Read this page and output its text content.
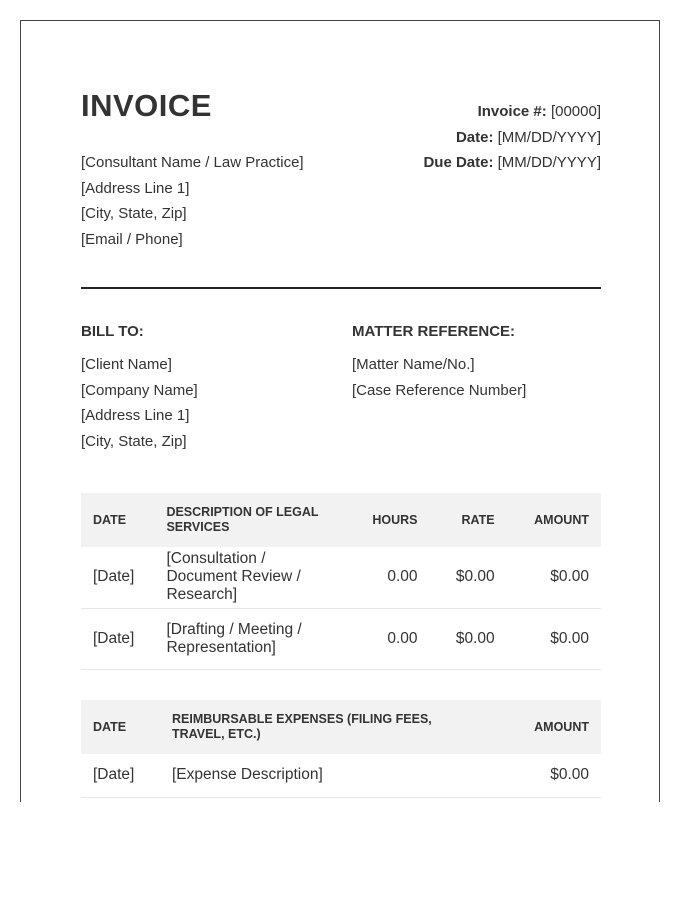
INVOICE
[Consultant Name / Law Practice]
[Address Line 1]
[City, State, Zip]
[Email / Phone]
Invoice #: [00000]
Date: [MM/DD/YYYY]
Due Date: [MM/DD/YYYY]
BILL TO:
[Client Name]
[Company Name]
[Address Line 1]
[City, State, Zip]
MATTER REFERENCE:
[Matter Name/No.]
[Case Reference Number]
DATE	DESCRIPTION OF LEGAL SERVICES	HOURS	RATE	AMOUNT
[Date]	[Consultation / Document Review / Research]	0.00	$0.00	$0.00
[Date]	[Drafting / Meeting / Representation]	0.00	$0.00	$0.00
DATE	REIMBURSABLE EXPENSES (FILING FEES, TRAVEL, ETC.)	AMOUNT
[Date]	[Expense Description]	$0.00
